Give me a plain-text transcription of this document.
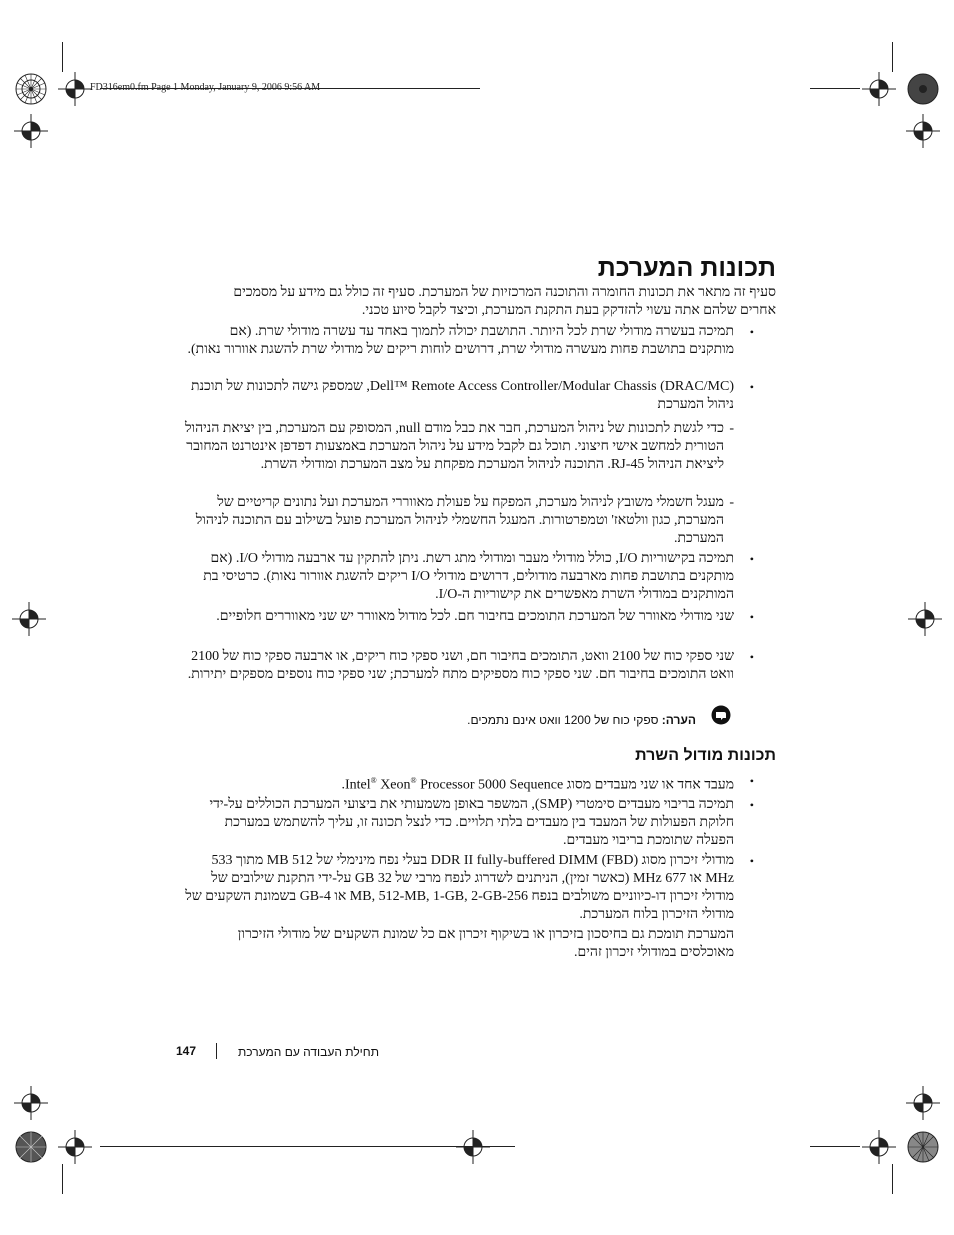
FD316em0.fm Page 1 Monday, January 9, 2006 9:56 AM
תכונות המערכת
סעיף זה מתאר את תכונות החומרה והתוכנה המרכזיות של המערכת. סעיף זה כולל גם מידע על מסמכים אחרים שלהם אתה עשוי להזדקק בעת התקנת המערכת, וכיצד לקבל סיוע טכני.
•
תמיכה בעשרה מודולי שרת לכל היותר. התושבת יכולה לתמוך באחד עד עשרה מודולי שרת. (אם מותקנים בתושבת פחות מעשרה מודולי שרת, דרושים לוחות ריקים של מודולי שרת להשגת אוורור נאות).
•
Dell™ Remote Access Controller/Modular Chassis (DRAC/MC), שמספק גישה לתכונות של תוכנת ניהול המערכת
-
כדי לגשת לתכונות של ניהול המערכת, חבר את כבל מודם null, המסופק עם המערכת, בין יציאת הניהול הטורית למחשב אישי חיצוני. תוכל גם לקבל מידע על ניהול המערכת באמצעות דפדפן אינטרנט המחובר ליציאת הניהול RJ-45. התוכנה לניהול המערכת מפקחת על מצב המערכת ומודולי השרת.
-
מעגל חשמלי משובץ לניהול מערכת, המפקח על פעולת מאווררי המערכת ועל נתונים קריטיים של המערכת, כגון וולטאז' וטמפרטורות. המעגל החשמלי לניהול המערכת פועל בשילוב עם התוכנה לניהול המערכת.
•
תמיכה בקישוריות I/O, כולל מודולי מעבר ומודולי מתג רשת. ניתן להתקין עד ארבעה מודולי I/O. (אם מותקנים בתושבת פחות מארבעה מודולים, דרושים מודולי I/O ריקים להשגת אוורור נאות). כרטיסי בת המותקנים במודולי השרת מאפשרים את קישוריות ה-I/O.
•
שני מודולי מאוורר של המערכת התומכים בחיבור חם. לכל מודול מאוורר יש שני מאווררים חלופיים.
•
שני ספקי כוח של 2100 וואט, התומכים בחיבור חם, ושני ספקי כוח ריקים, או ארבעה ספקי כוח של 2100 וואט התומכים בחיבור חם. שני ספקי כוח מספיקים מתח למערכת; שני ספקי כוח נוספים מספקים יתירות.
הערה: ספקי כוח של 1200 וואט אינם נתמכים.
תכונות מודול השרת
•
מעבד אחד או שני מעבדים מסוג Intel® Xeon® Processor 5000 Sequence.
•
תמיכה בריבוי מעבדים סימטרי (SMP), המשפר באופן משמעותי את ביצועי המערכת הכוללים על-ידי חלוקת הפעולות של המעבד בין מעבדים בלתי תלויים. כדי לנצל תכונה זו, עליך להשתמש במערכת הפעלה שתומכת בריבוי מעבדים.
•
מודולי זיכרון מסוג DDR II fully-buffered DIMM (FBD) בעלי נפח מינימלי של 512 MB מתוך 533 MHz או 677 MHz (כאשר זמין), הניתנים לשדרוג לנפח מרבי של 32 GB על-ידי התקנת שילובים של מודולי זיכרון דו-כיווניים משולבים בנפח 256-MB, 512-MB, 1-GB, 2-GB או 4-GB בשמונת השקעים של מודולי הזיכרון בלוח המערכת.
המערכת תומכת גם בחיסכון בזיכרון או בשיקוף זיכרון אם כל שמונת השקעים של מודולי הזיכרון מאוכלסים במודולי זיכרון זהים.
147	תחילת העבודה עם המערכת
